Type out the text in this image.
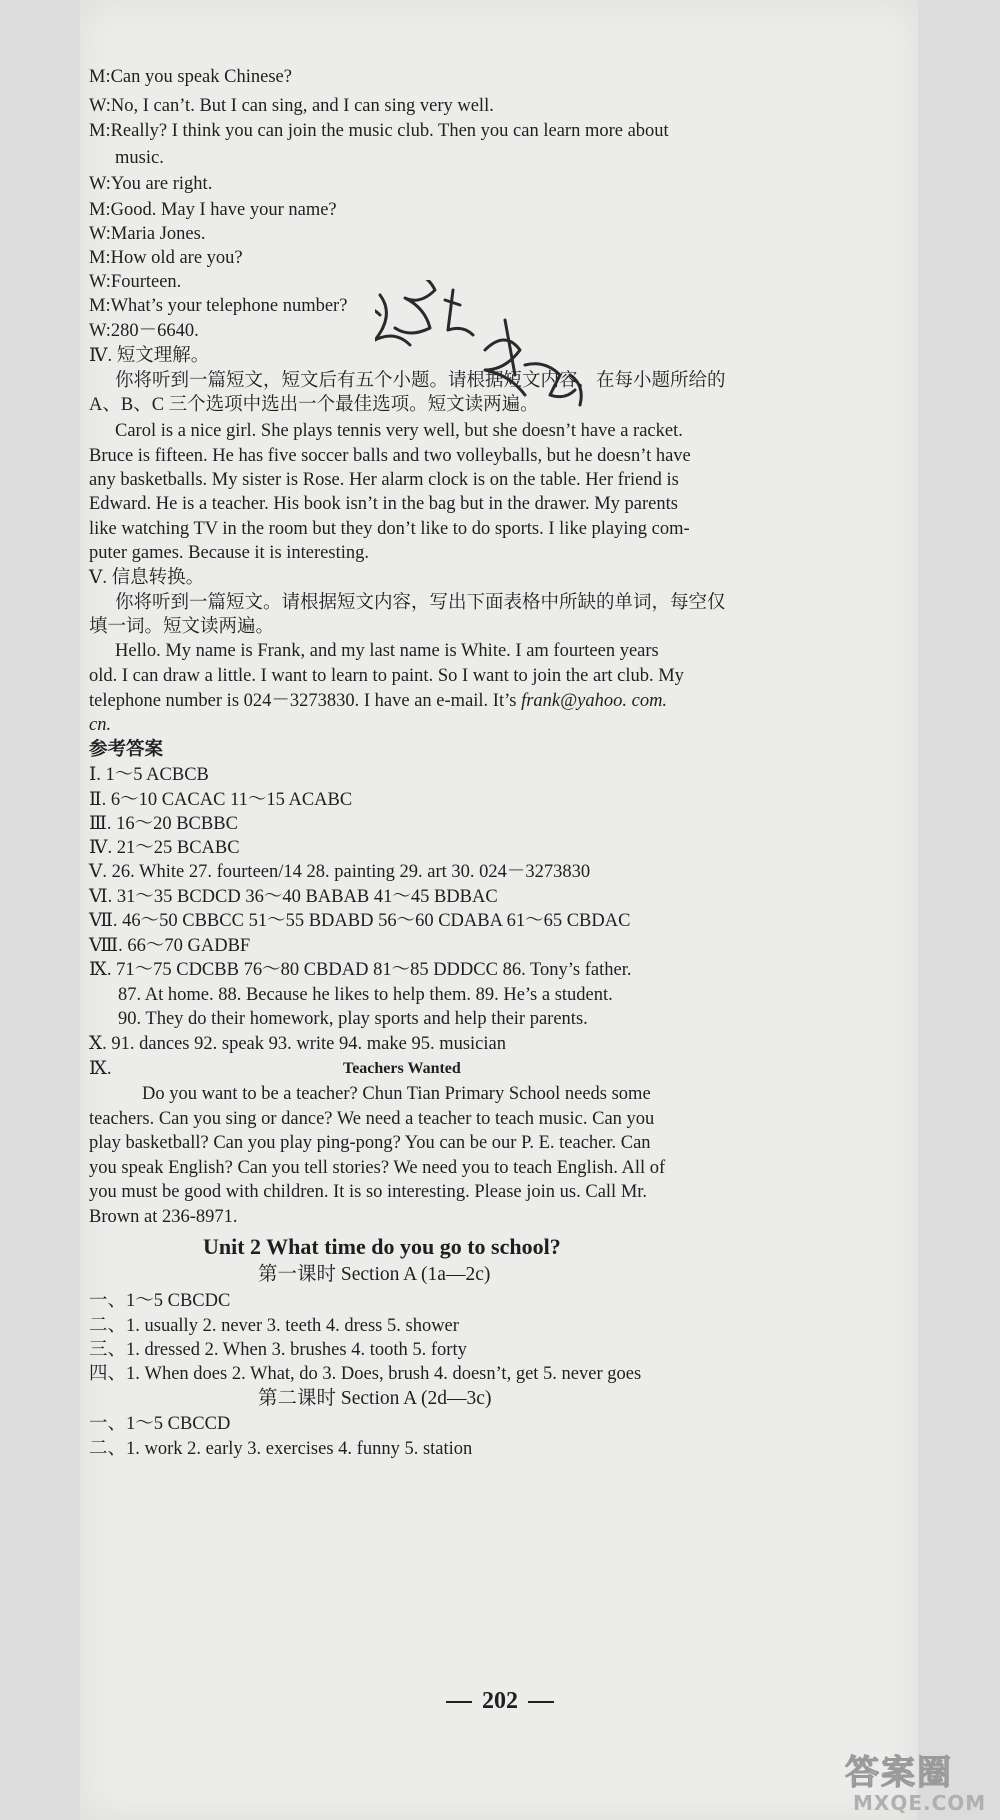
M:Can you speak Chinese?
W:No, I can’t. But I can sing, and I can sing very well.
M:Really? I think you can join the music club. Then you can learn more about
music.
W:You are right.
M:Good. May I have your name?
W:Maria Jones.
M:How old are you?
W:Fourteen.
M:What’s your telephone number?
W:280－6640.
Ⅳ. 短文理解。
你将听到一篇短文，短文后有五个小题。请根据短文内容，在每小题所给的
A、B、C 三个选项中选出一个最佳选项。短文读两遍。
Carol is a nice girl. She plays tennis very well, but she doesn’t have a racket.
Bruce is fifteen. He has five soccer balls and two volleyballs, but he doesn’t have
any basketballs. My sister is Rose. Her alarm clock is on the table. Her friend is
Edward. He is a teacher. His book isn’t in the bag but in the drawer. My parents
like watching TV in the room but they don’t like to do sports. I like playing com-
puter games. Because it is interesting.
Ⅴ. 信息转换。
你将听到一篇短文。请根据短文内容，写出下面表格中所缺的单词，每空仅
填一词。短文读两遍。
Hello. My name is Frank, and my last name is White. I am fourteen years
old. I can draw a little. I want to learn to paint. So I want to join the art club. My
telephone number is 024－3273830. I have an e-mail. It’s frank@yahoo. com.
cn.
参考答案
Ⅰ. 1～5 ACBCB
Ⅱ. 6～10 CACAC 11～15 ACABC
Ⅲ. 16～20 BCBBC
Ⅳ. 21～25 BCABC
Ⅴ. 26. White 27. fourteen/14 28. painting 29. art 30. 024－3273830
Ⅵ. 31～35 BCDCD 36～40 BABAB 41～45 BDBAC
Ⅶ. 46～50 CBBCC 51～55 BDABD 56～60 CDABA 61～65 CBDAC
Ⅷ. 66～70 GADBF
Ⅸ. 71～75 CDCBB 76～80 CBDAD 81～85 DDDCC 86. Tony’s father.
87. At home. 88. Because he likes to help them. 89. He’s a student.
90. They do their homework, play sports and help their parents.
Ⅹ. 91. dances 92. speak 93. write 94. make 95. musician
Ⅸ.	Teachers Wanted
Do you want to be a teacher? Chun Tian Primary School needs some
teachers. Can you sing or dance? We need a teacher to teach music. Can you
play basketball? Can you play ping-pong? You can be our P. E. teacher. Can
you speak English? Can you tell stories? We need you to teach English. All of
you must be good with children. It is so interesting. Please join us. Call Mr.
Brown at 236-8971.
Unit 2 What time do you go to school?
第一课时 Section A (1a—2c)
一、1～5 CBCDC
二、1. usually 2. never 3. teeth 4. dress 5. shower
三、1. dressed 2. When 3. brushes 4. tooth 5. forty
四、1. When does 2. What, do 3. Does, brush 4. doesn’t, get 5. never goes
第二课时 Section A (2d—3c)
一、1～5 CBCCD
二、1. work 2. early 3. exercises 4. funny 5. station
202
答案圈
MXQE.COM
